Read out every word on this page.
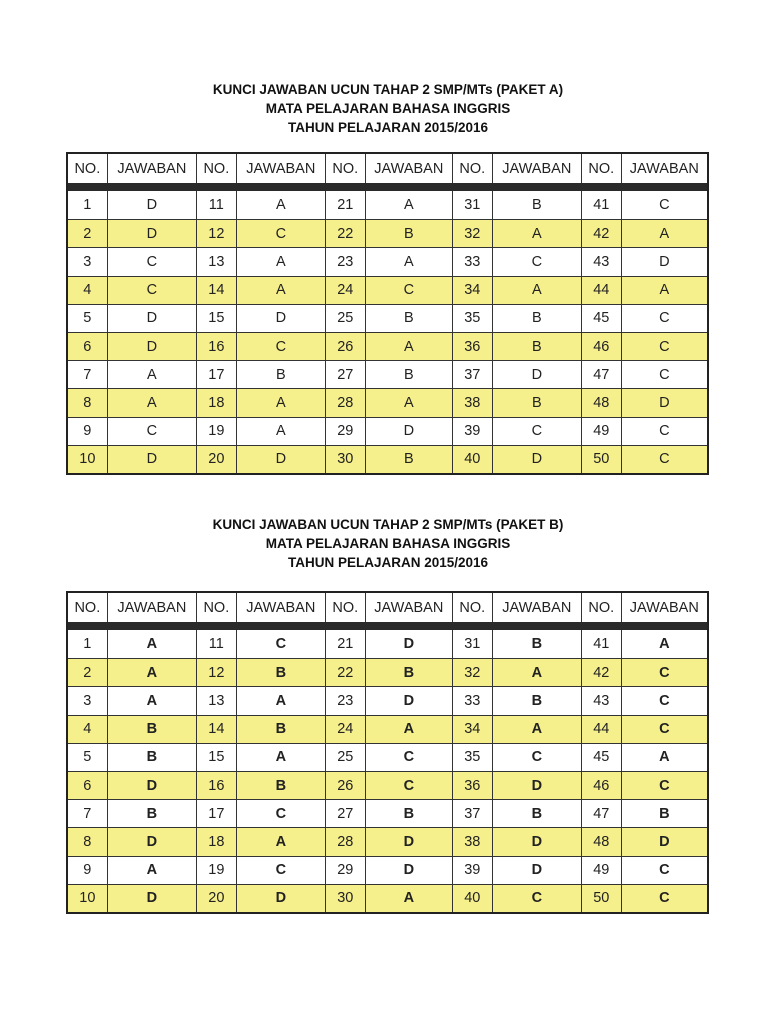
KUNCI JAWABAN UCUN TAHAP 2 SMP/MTs (PAKET A)
MATA PELAJARAN BAHASA INGGRIS
TAHUN PELAJARAN 2015/2016
NO.	JAWABAN	NO.	JAWABAN	NO.	JAWABAN	NO.	JAWABAN	NO.	JAWABAN
1	D	11	A	21	A	31	B	41	C
2	D	12	C	22	B	32	A	42	A
3	C	13	A	23	A	33	C	43	D
4	C	14	A	24	C	34	A	44	A
5	D	15	D	25	B	35	B	45	C
6	D	16	C	26	A	36	B	46	C
7	A	17	B	27	B	37	D	47	C
8	A	18	A	28	A	38	B	48	D
9	C	19	A	29	D	39	C	49	C
10	D	20	D	30	B	40	D	50	C
KUNCI JAWABAN UCUN TAHAP 2 SMP/MTs (PAKET B)
MATA PELAJARAN BAHASA INGGRIS
TAHUN PELAJARAN 2015/2016
NO.	JAWABAN	NO.	JAWABAN	NO.	JAWABAN	NO.	JAWABAN	NO.	JAWABAN
1	A	11	C	21	D	31	B	41	A
2	A	12	B	22	B	32	A	42	C
3	A	13	A	23	D	33	B	43	C
4	B	14	B	24	A	34	A	44	C
5	B	15	A	25	C	35	C	45	A
6	D	16	B	26	C	36	D	46	C
7	B	17	C	27	B	37	B	47	B
8	D	18	A	28	D	38	D	48	D
9	A	19	C	29	D	39	D	49	C
10	D	20	D	30	A	40	C	50	C
